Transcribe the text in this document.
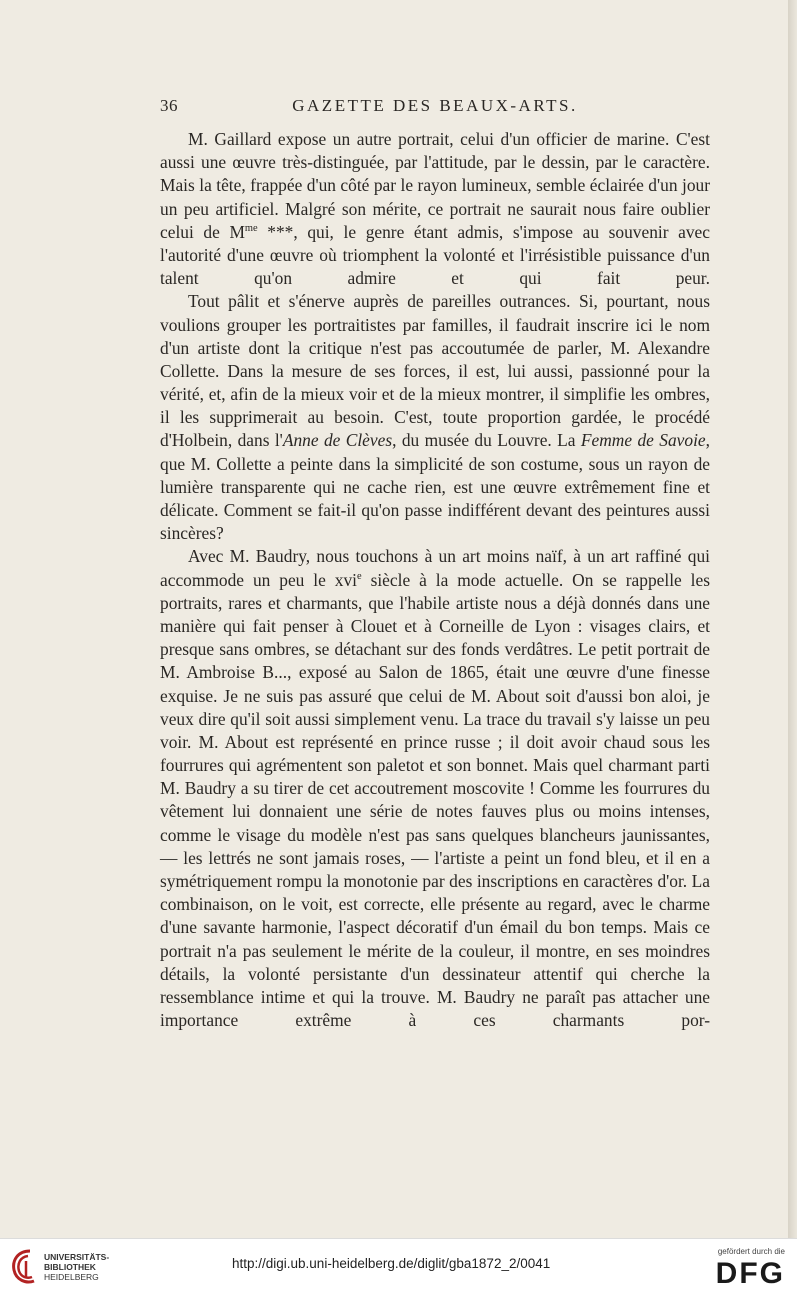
36	GAZETTE DES BEAUX-ARTS.

M. Gaillard expose un autre portrait, celui d'un officier de marine. C'est aussi une œuvre très-distinguée, par l'attitude, par le dessin, par le caractère. Mais la tête, frappée d'un côté par le rayon lumineux, semble éclairée d'un jour un peu artificiel. Malgré son mérite, ce portrait ne saurait nous faire oublier celui de $M^{me}$ ***, qui, le genre étant admis, s'impose au souvenir avec l'autorité d'une œuvre où triomphent la volonté et l'irrésistible puissance d'un talent qu'on admire et qui fait peur.

Tout pâlit et s'énerve auprès de pareilles outrances. Si, pourtant, nous voulions grouper les portraitistes par familles, il faudrait inscrire ici le nom d'un artiste dont la critique n'est pas accoutumée de parler, M. Alexandre Collette. Dans la mesure de ses forces, il est, lui aussi, passionné pour la vérité, et, afin de la mieux voir et de la mieux montrer, il simplifie les ombres, il les supprimerait au besoin. C'est, toute proportion gardée, le procédé d'Holbein, dans l'Anne de Clèves, du musée du Louvre. La Femme de Savoie, que M. Collette a peinte dans la simplicité de son costume, sous un rayon de lumière transparente qui ne cache rien, est une œuvre extrêmement fine et délicate. Comment se fait-il qu'on passe indifférent devant des peintures aussi sincères?

Avec M. Baudry, nous touchons à un art moins naïf, à un art raffiné qui accommode un peu le xvi$^e$ siècle à la mode actuelle. On se rappelle les portraits, rares et charmants, que l'habile artiste nous a déjà donnés dans une manière qui fait penser à Clouet et à Corneille de Lyon : visages clairs, et presque sans ombres, se détachant sur des fonds verdâtres. Le petit portrait de M. Ambroise B..., exposé au Salon de 1865, était une œuvre d'une finesse exquise. Je ne suis pas assuré que celui de M. About soit d'aussi bon aloi, je veux dire qu'il soit aussi simplement venu. La trace du travail s'y laisse un peu voir. M. About est représenté en prince russe ; il doit avoir chaud sous les fourrures qui agrémentent son paletot et son bonnet. Mais quel charmant parti M. Baudry a su tirer de cet accoutrement moscovite ! Comme les fourrures du vêtement lui donnaient une série de notes fauves plus ou moins intenses, comme le visage du modèle n'est pas sans quelques blancheurs jaunissantes, — les lettrés ne sont jamais roses, — l'artiste a peint un fond bleu, et il en a symétriquement rompu la monotonie par des inscriptions en caractères d'or. La combinaison, on le voit, est correcte, elle présente au regard, avec le charme d'une savante harmonie, l'aspect décoratif d'un émail du bon temps. Mais ce portrait n'a pas seulement le mérite de la couleur, il montre, en ses moindres détails, la volonté persistante d'un dessinateur attentif qui cherche la ressemblance intime et qui la trouve. M. Baudry ne paraît pas attacher une importance extrême à ces charmants por-

UNIVERSITÄTS-
BIBLIOTHEK
HEIDELBERG
http://digi.ub.uni-heidelberg.de/diglit/gba1872_2/0041
gefördert durch die
DFG
